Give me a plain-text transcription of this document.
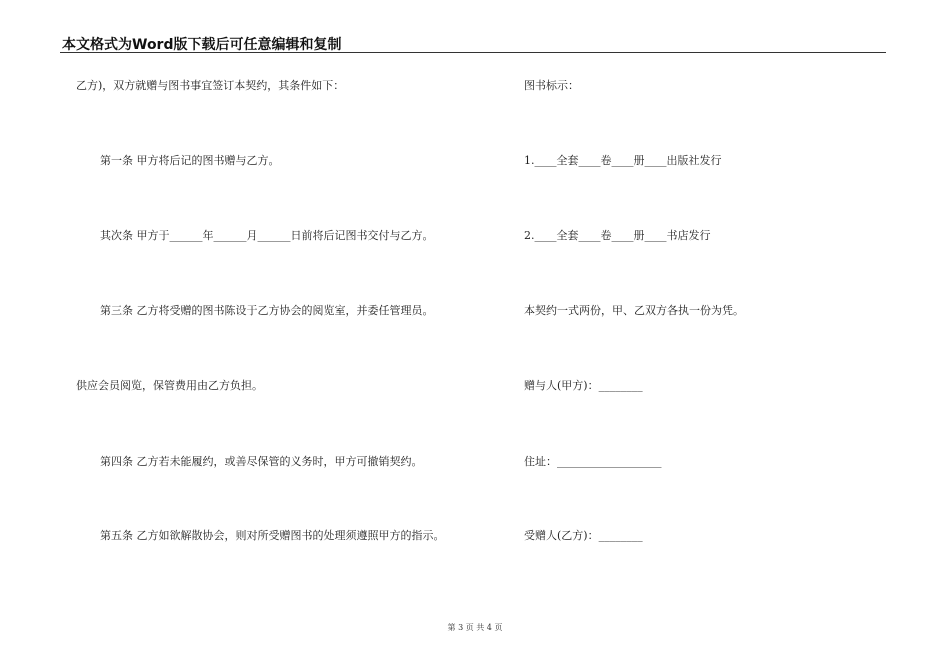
本文格式为Word版下载后可任意编辑和复制
乙方)，双方就赠与图书事宜签订本契约，其条件如下：
第一条 甲方将后记的图书赠与乙方。
其次条 甲方于______年______月______日前将后记图书交付与乙方。
第三条 乙方将受赠的图书陈设于乙方协会的阅览室，并委任管理员。
供应会员阅览，保管费用由乙方负担。
第四条 乙方若未能履约，或善尽保管的义务时，甲方可撤销契约。
第五条 乙方如欲解散协会，则对所受赠图书的处理须遵照甲方的指示。
图书标示：
1.____全套____卷____册____出版社发行
2.____全套____卷____册____书店发行
本契约一式两份，甲、乙双方各执一份为凭。
赠与人(甲方)：________
住址：___________________
受赠人(乙方)：________
第 3 页 共 4 页
